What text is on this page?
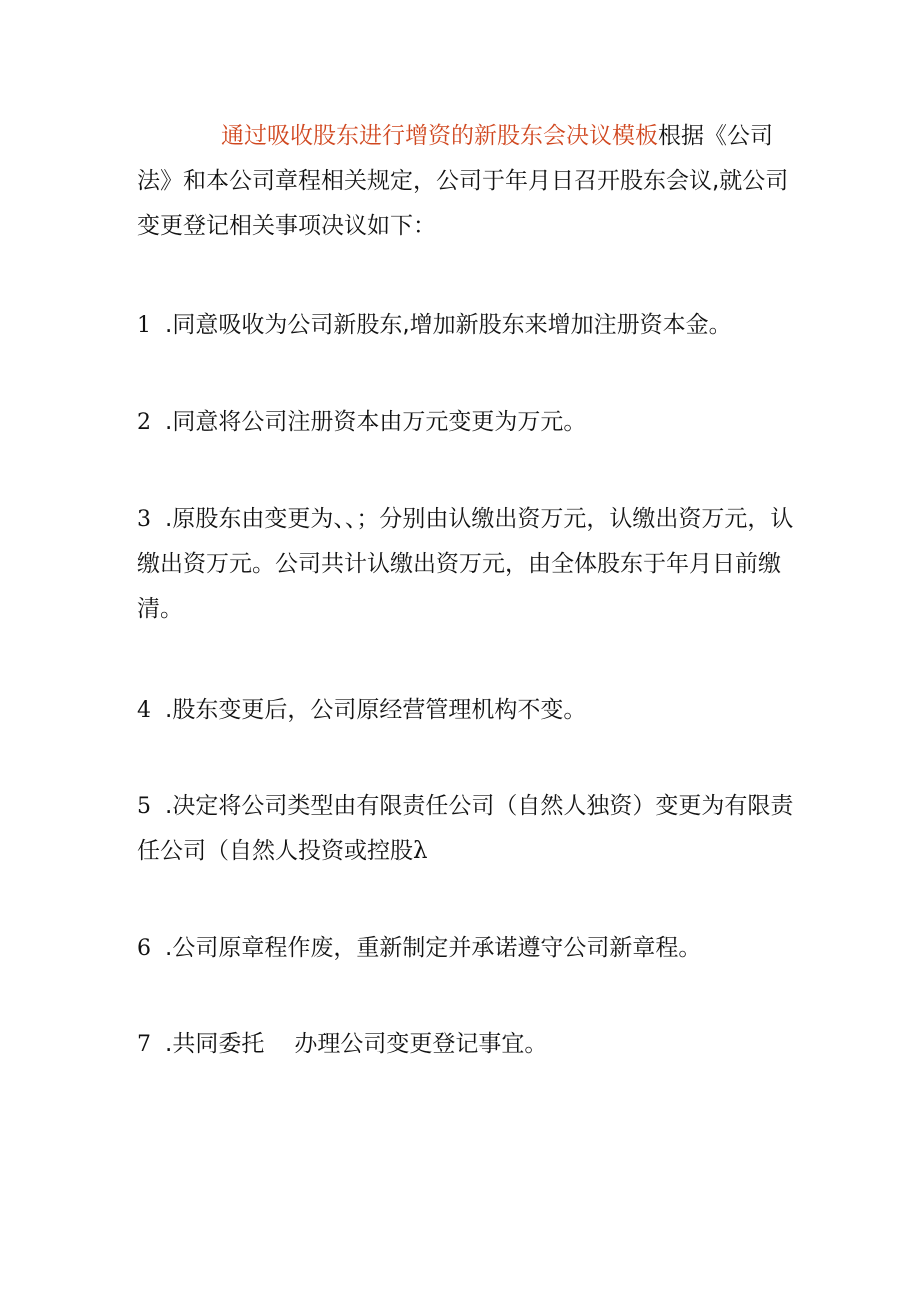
通过吸收股东进行增资的新股东会决议模板根据《公司法》和本公司章程相关规定，公司于年月日召开股东会议,就公司变更登记相关事项决议如下：

1 .同意吸收为公司新股东,增加新股东来增加注册资本金。

2 .同意将公司注册资本由万元变更为万元。

3 .原股东由变更为、、；分别由认缴出资万元，认缴出资万元，认缴出资万元。公司共计认缴出资万元，由全体股东于年月日前缴清。

4 .股东变更后，公司原经营管理机构不变。

5 .决定将公司类型由有限责任公司（自然人独资）变更为有限责任公司（自然人投资或控股λ

6 .公司原章程作废，重新制定并承诺遵守公司新章程。

7 .共同委托 办理公司变更登记事宜。
